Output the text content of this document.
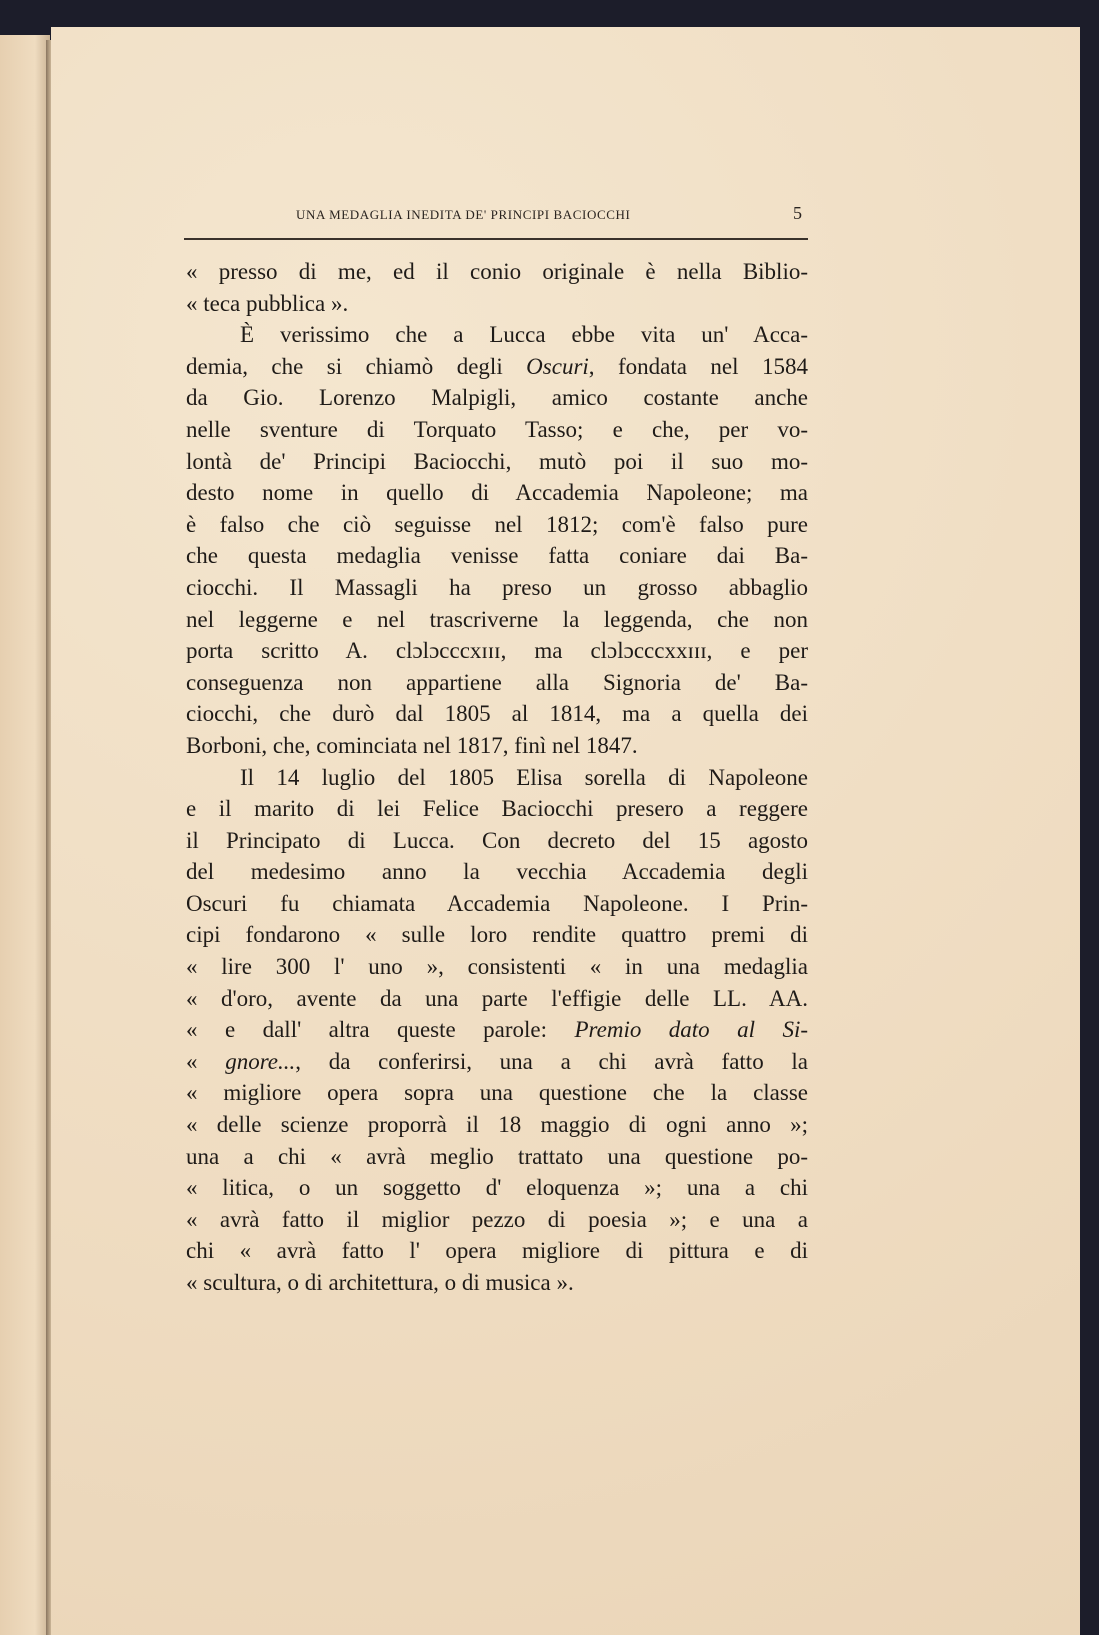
UNA MEDAGLIA INEDITA DE' PRINCIPI BACIOCCHI	5
« presso di me, ed il conio originale è nella Biblio-
« teca pubblica ».
È verissimo che a Lucca ebbe vita un' Acca-
demia, che si chiamò degli Oscuri, fondata nel 1584
da Gio. Lorenzo Malpigli, amico costante anche
nelle sventure di Torquato Tasso; e che, per vo-
lontà de' Principi Baciocchi, mutò poi il suo mo-
desto nome in quello di Accademia Napoleone; ma
è falso che ciò seguisse nel 1812; com'è falso pure
che questa medaglia venisse fatta coniare dai Ba-
ciocchi. Il Massagli ha preso un grosso abbaglio
nel leggerne e nel trascriverne la leggenda, che non
porta scritto A. clɔlɔcccxɪɪɪ, ma clɔlɔcccxxɪɪɪ, e per
conseguenza non appartiene alla Signoria de' Ba-
ciocchi, che durò dal 1805 al 1814, ma a quella dei
Borboni, che, cominciata nel 1817, finì nel 1847.
Il 14 luglio del 1805 Elisa sorella di Napoleone
e il marito di lei Felice Baciocchi presero a reggere
il Principato di Lucca. Con decreto del 15 agosto
del medesimo anno la vecchia Accademia degli
Oscuri fu chiamata Accademia Napoleone. I Prin-
cipi fondarono « sulle loro rendite quattro premi di
« lire 300 l' uno », consistenti « in una medaglia
« d'oro, avente da una parte l'effigie delle LL. AA.
« e dall' altra queste parole: Premio dato al Si-
« gnore..., da conferirsi, una a chi avrà fatto la
« migliore opera sopra una questione che la classe
« delle scienze proporrà il 18 maggio di ogni anno »;
una a chi « avrà meglio trattato una questione po-
« litica, o un soggetto d' eloquenza »; una a chi
« avrà fatto il miglior pezzo di poesia »; e una a
chi « avrà fatto l' opera migliore di pittura e di
« scultura, o di architettura, o di musica ».
